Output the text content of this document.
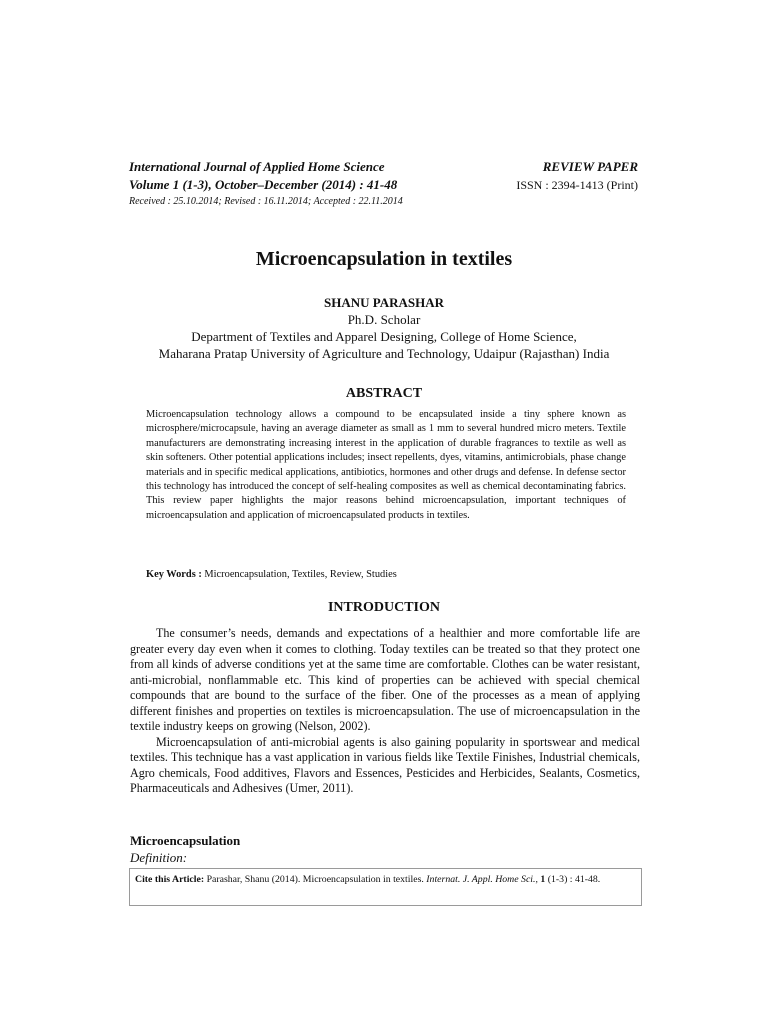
International Journal of Applied Home Science
Volume 1 (1-3), October–December (2014) : 41-48
Received : 25.10.2014; Revised : 16.11.2014; Accepted : 22.11.2014
REVIEW PAPER
ISSN : 2394-1413 (Print)
Microencapsulation in textiles
SHANU PARASHAR
Ph.D. Scholar
Department of Textiles and Apparel Designing, College of Home Science,
Maharana Pratap University of Agriculture and Technology, Udaipur (Rajasthan) India
ABSTRACT
Microencapsulation technology allows a compound to be encapsulated inside a tiny sphere known as microsphere/microcapsule, having an average diameter as small as 1 mm to several hundred micro meters. Textile manufacturers are demonstrating increasing interest in the application of durable fragrances to textile as well as skin softeners. Other potential applications includes; insect repellents, dyes, vitamins, antimicrobials, phase change materials and in specific medical applications, antibiotics, hormones and other drugs and defense. In defense sector this technology has introduced the concept of self-healing composites as well as chemical decontaminating fabrics. This review paper highlights the major reasons behind microencapsulation, important techniques of microencapsulation and application of microencapsulated products in textiles.
Key Words : Microencapsulation, Textiles, Review, Studies
INTRODUCTION

The consumer’s needs, demands and expectations of a healthier and more comfortable life are greater every day even when it comes to clothing. Today textiles can be treated so that they protect one from all kinds of adverse conditions yet at the same time are comfortable. Clothes can be water resistant, anti-microbial, nonflammable etc. This kind of properties can be achieved with special chemical compounds that are bound to the surface of the fiber. One of the processes as a mean of applying different finishes and properties on textiles is microencapsulation. The use of microencapsulation in the textile industry keeps on growing (Nelson, 2002).

Microencapsulation of anti-microbial agents is also gaining popularity in sportswear and medical textiles. This technique has a vast application in various fields like Textile Finishes, Industrial chemicals, Agro chemicals, Food additives, Flavors and Essences, Pesticides and Herbicides, Sealants, Cosmetics, Pharmaceuticals and Adhesives (Umer, 2011).

Microencapsulation
Definition:
Cite this Article: Parashar, Shanu (2014). Microencapsulation in textiles. Internat. J. Appl. Home Sci., 1 (1-3) : 41-48.
